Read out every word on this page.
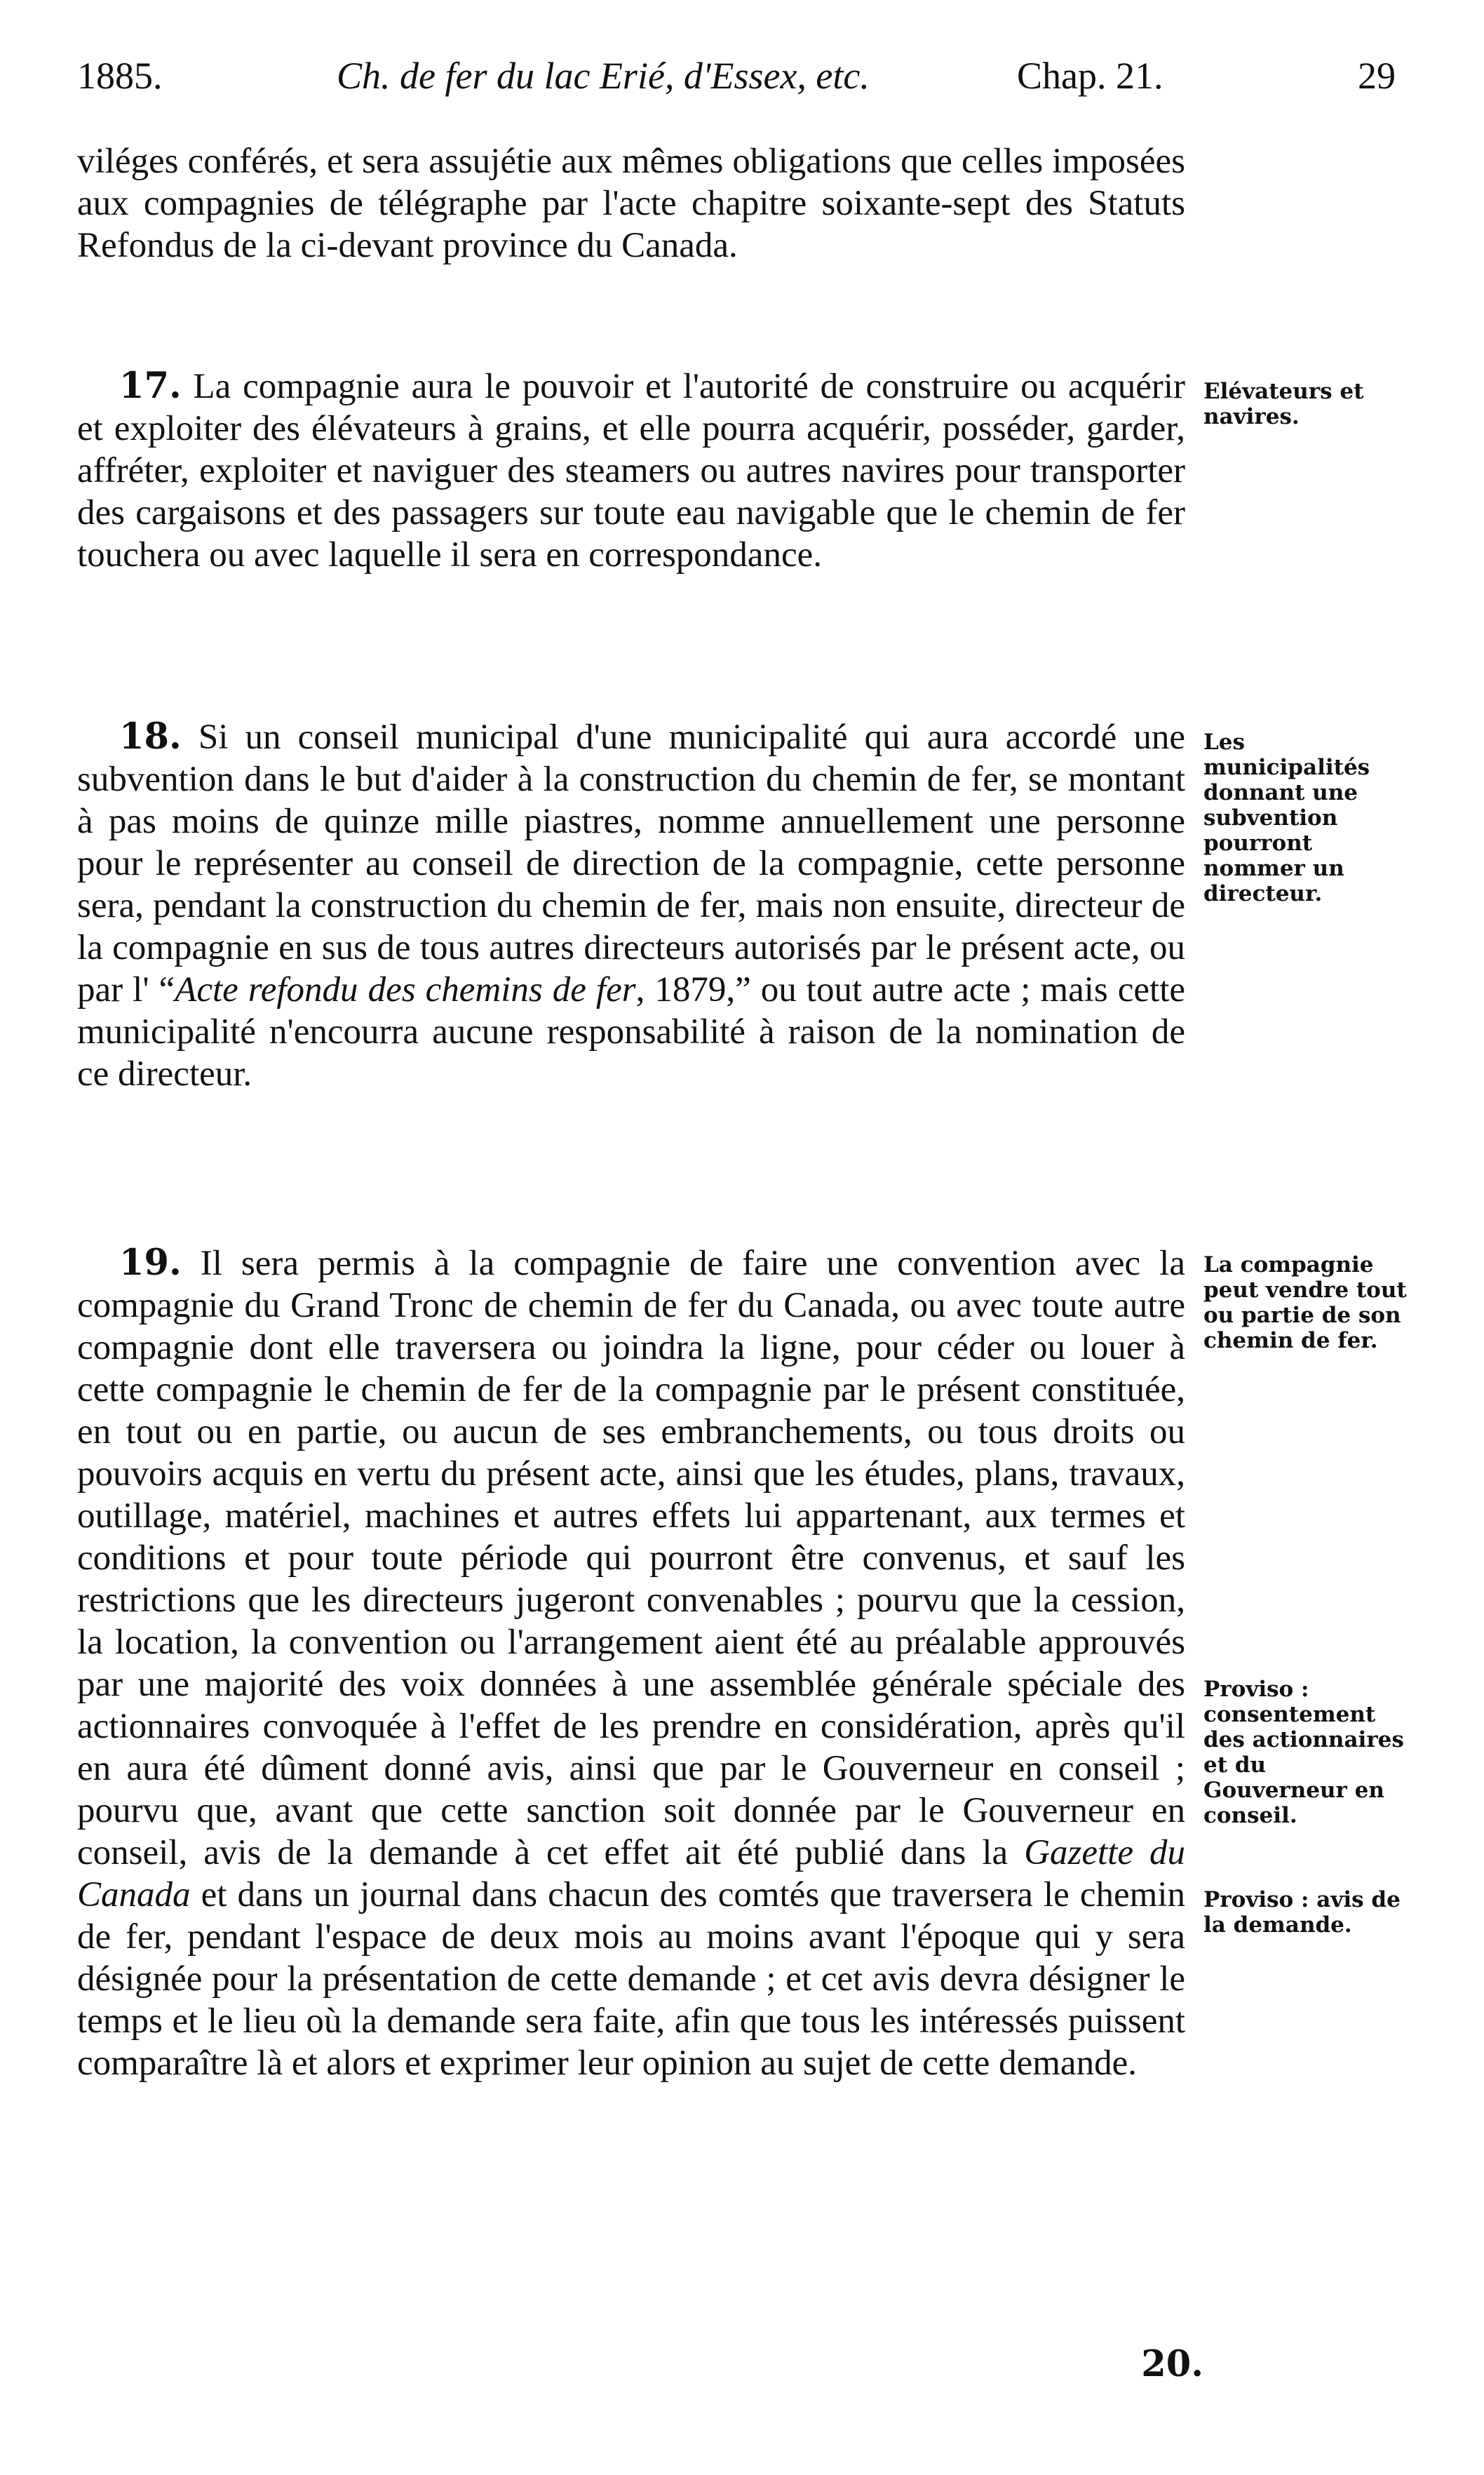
1885.	Ch. de fer du lac Erié, d'Essex, etc.	Chap. 21.	29

viléges conférés, et sera assujétie aux mêmes obligations que celles imposées aux compagnies de télégraphe par l'acte chapitre soixante-sept des Statuts Refondus de la ci-devant province du Canada.

17. La compagnie aura le pouvoir et l'autorité de construire ou acquérir et exploiter des élévateurs à grains, et elle pourra acquérir, posséder, garder, affréter, exploiter et naviguer des steamers ou autres navires pour transporter des cargaisons et des passagers sur toute eau navigable que le chemin de fer touchera ou avec laquelle il sera en correspondance.

Elévateurs et navires.

18. Si un conseil municipal d'une municipalité qui aura accordé une subvention dans le but d'aider à la construction du chemin de fer, se montant à pas moins de quinze mille piastres, nomme annuellement une personne pour le représenter au conseil de direction de la compagnie, cette personne sera, pendant la construction du chemin de fer, mais non ensuite, directeur de la compagnie en sus de tous autres directeurs autorisés par le présent acte, ou par l' “Acte refondu des chemins de fer, 1879,” ou tout autre acte ; mais cette municipalité n'encourra aucune responsabilité à raison de la nomination de ce directeur.

Les municipalités donnant une subvention pourront nommer un directeur.

19. Il sera permis à la compagnie de faire une convention avec la compagnie du Grand Tronc de chemin de fer du Canada, ou avec toute autre compagnie dont elle traversera ou joindra la ligne, pour céder ou louer à cette compagnie le chemin de fer de la compagnie par le présent constituée, en tout ou en partie, ou aucun de ses embranchements, ou tous droits ou pouvoirs acquis en vertu du présent acte, ainsi que les études, plans, travaux, outillage, matériel, machines et autres effets lui appartenant, aux termes et conditions et pour toute période qui pourront être convenus, et sauf les restrictions que les directeurs jugeront convenables ; pourvu que la cession, la location, la convention ou l'arrangement aient été au préalable approuvés par une majorité des voix données à une assemblée générale spéciale des actionnaires convoquée à l'effet de les prendre en considération, après qu'il en aura été dûment donné avis, ainsi que par le Gouverneur en conseil ; pourvu que, avant que cette sanction soit donnée par le Gouverneur en conseil, avis de la demande à cet effet ait été publié dans la Gazette du Canada et dans un journal dans chacun des comtés que traversera le chemin de fer, pendant l'espace de deux mois au moins avant l'époque qui y sera désignée pour la présentation de cette demande ; et cet avis devra désigner le temps et le lieu où la demande sera faite, afin que tous les intéressés puissent comparaître là et alors et exprimer leur opinion au sujet de cette demande.

La compagnie peut vendre tout ou partie de son chemin de fer.
Proviso : consentement des actionnaires et du Gouverneur en conseil.
Proviso : avis de la demande.
20.
